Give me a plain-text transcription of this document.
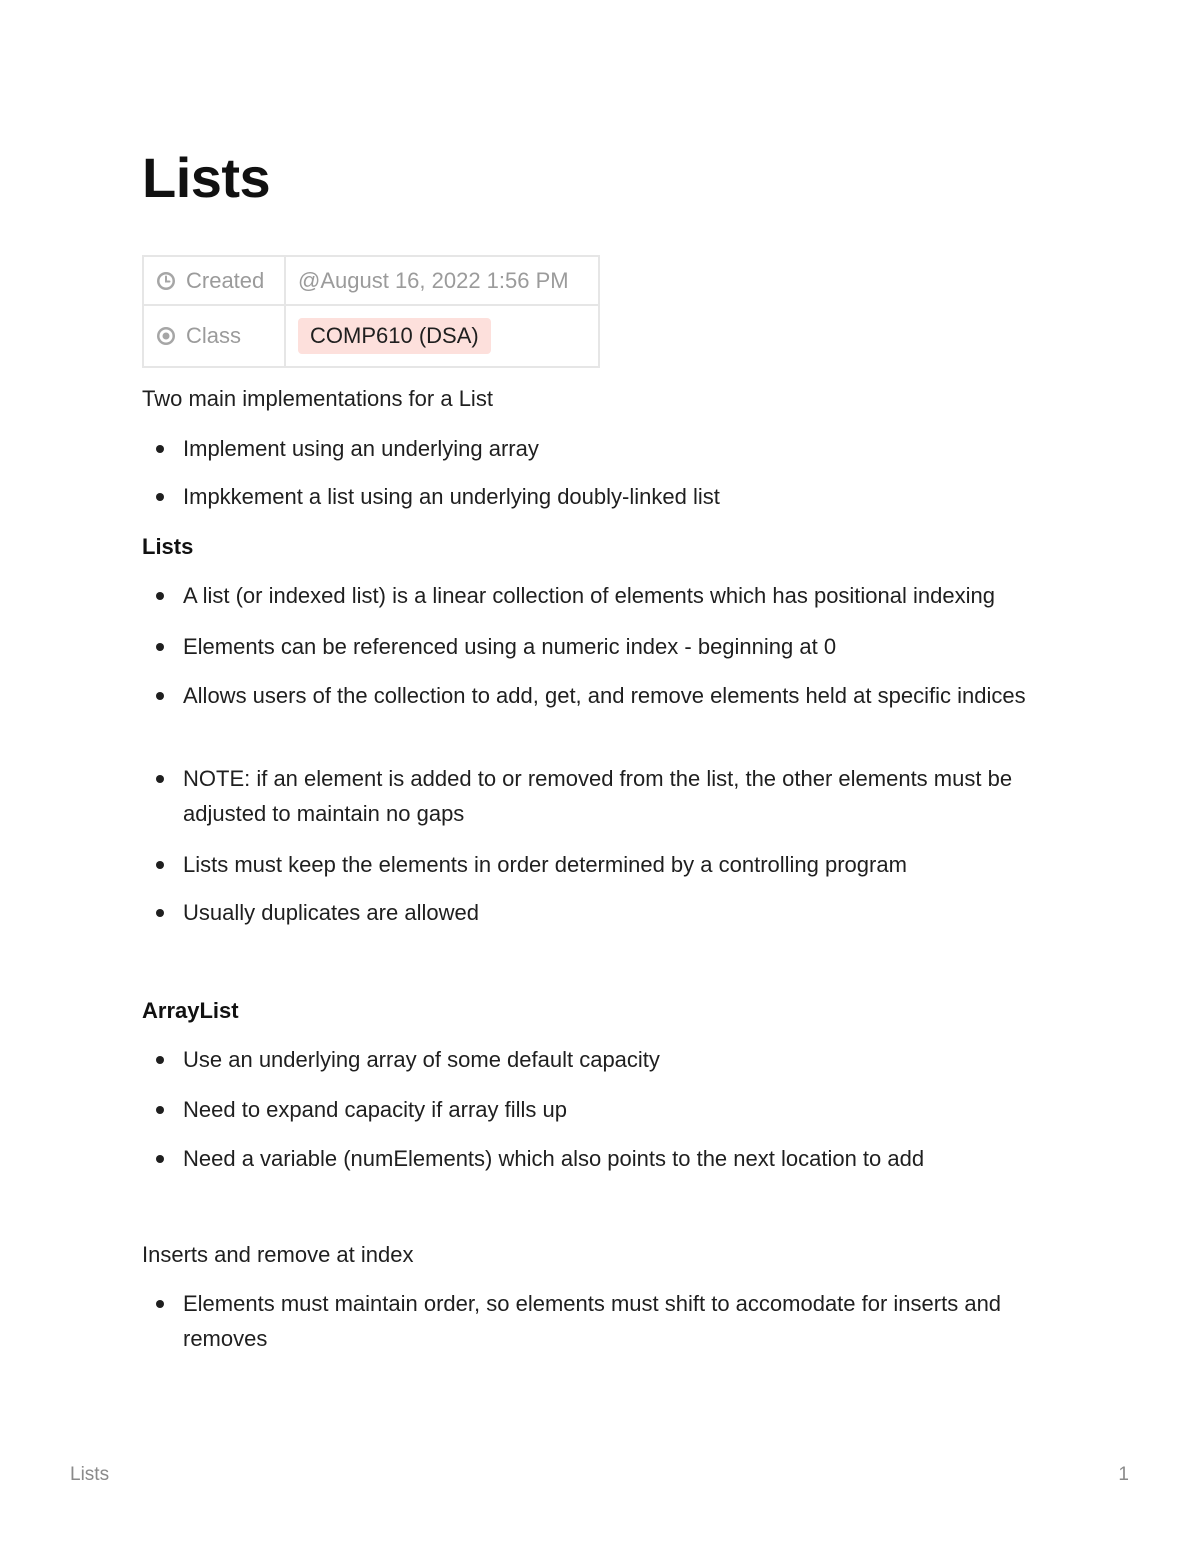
Lists
Created	@August 16, 2022 1:56 PM

Class	COMP610 (DSA)

Two main implementations for a List

Implement using an underlying array
Impkkement a list using an underlying doubly-linked list

Lists

A list (or indexed list) is a linear collection of elements which has positional indexing
Elements can be referenced using a numeric index - beginning at 0
Allows users of the collection to add, get, and remove elements held at specific indices
NOTE: if an element is added to or removed from the list, the other elements must be adjusted to maintain no gaps
Lists must keep the elements in order determined by a controlling program
Usually duplicates are allowed

ArrayList

Use an underlying array of some default capacity
Need to expand capacity if array fills up
Need a variable (numElements) which also points to the next location to add

Inserts and remove at index

Elements must maintain order, so elements must shift to accomodate for inserts and removes
Lists	1
